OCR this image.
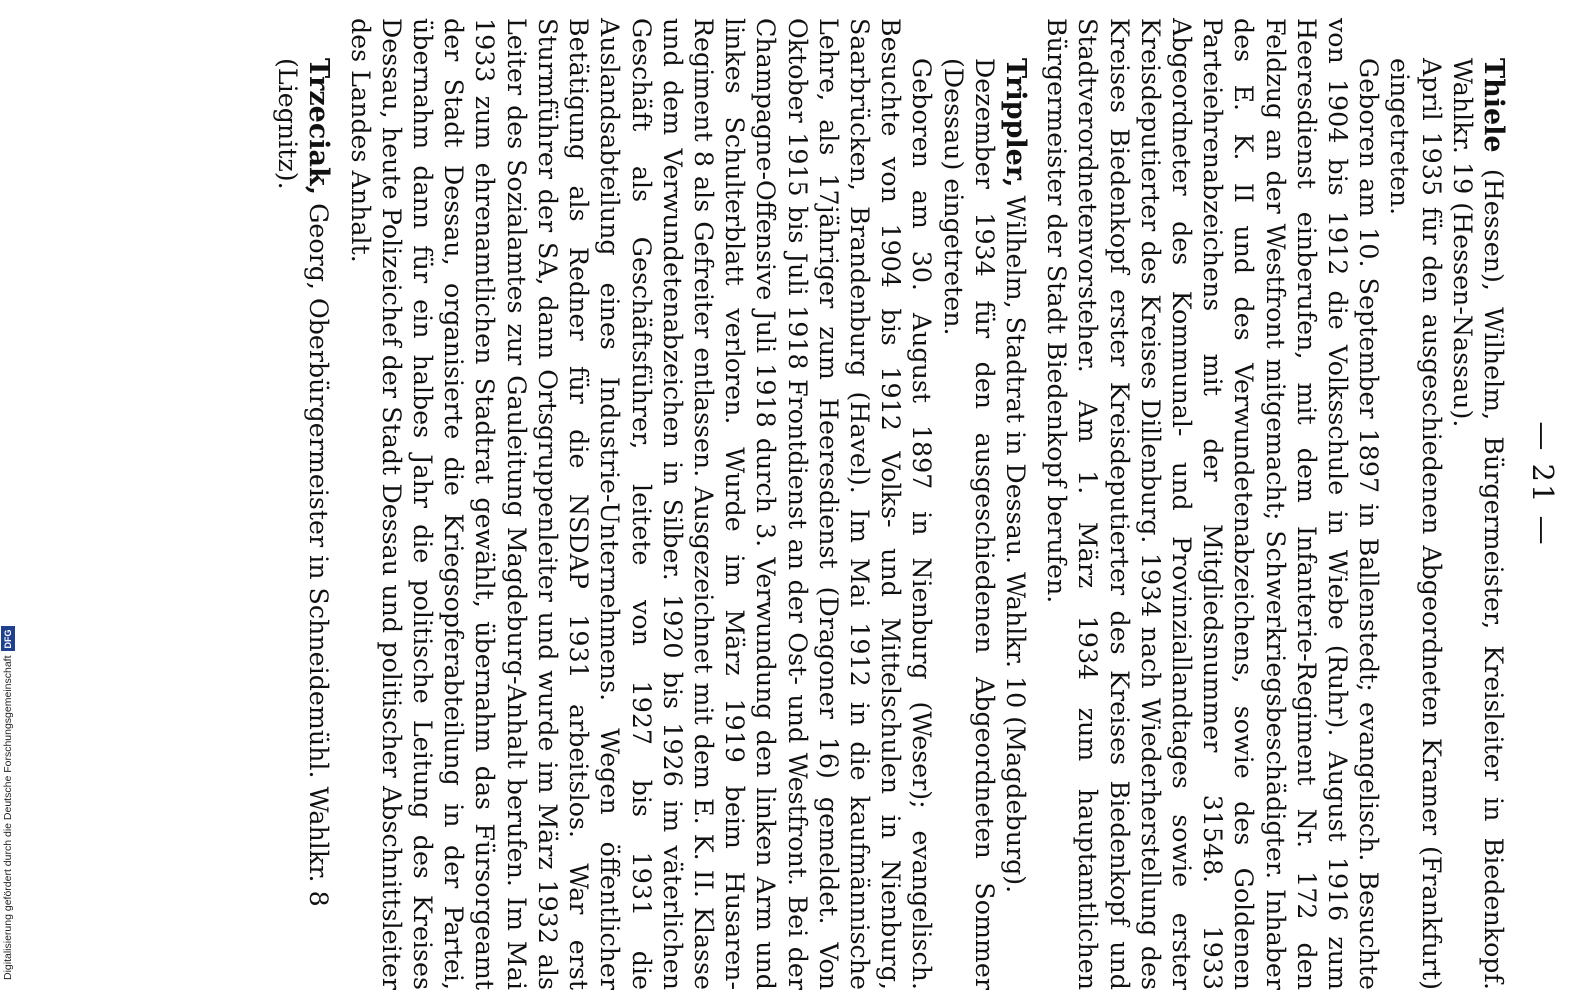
— 21 —

Thiele (Hessen), Wilhelm, Bürgermeister, Kreisleiter in Biedenkopf. Wahlkr. 19 (Hessen-Nassau).
April 1935 für den ausgeschiedenen Abgeordneten Kramer (Frankfurt) eingetreten.

Geboren am 10. September 1897 in Ballenstedt; evangelisch. Besuchte von 1904 bis 1912 die Volksschule in Wiebe (Ruhr). August 1916 zum Heeresdienst einberufen, mit dem Infanterie-Regiment Nr. 172 den Feldzug an der Westfront mitgemacht; Schwerkriegsbeschädigter. Inhaber des E. K. II und des Verwundetenabzeichens, sowie des Goldenen Parteiehrenabzeichens mit der Mitgliedsnummer 31548. 1933 Abgeordneter des Kommunal- und Provinziallandtages sowie erster Kreisdeputierter des Kreises Dillenburg. 1934 nach Wiederherstellung des Kreises Biedenkopf erster Kreisdeputierter des Kreises Biedenkopf und Stadtverordnetenvorsteher. Am 1. März 1934 zum hauptamtlichen Bürgermeister der Stadt Biedenkopf berufen.

Trippler, Wilhelm, Stadtrat in Dessau. Wahlkr. 10 (Magdeburg).
Dezember 1934 für den ausgeschiedenen Abgeordneten Sommer (Dessau) eingetreten.

Geboren am 30. August 1897 in Nienburg (Weser); evangelisch. Besuchte von 1904 bis 1912 Volks- und Mittelschulen in Nienburg, Saarbrücken, Brandenburg (Havel). Im Mai 1912 in die kaufmännische Lehre, als 17jähriger zum Heeresdienst (Dragoner 16) gemeldet. Von Oktober 1915 bis Juli 1918 Frontdienst an der Ost- und Westfront. Bei der Champagne-Offensive Juli 1918 durch 3. Verwundung den linken Arm und linkes Schulterblatt verloren. Wurde im März 1919 beim Husaren-Regiment 8 als Gefreiter entlassen. Ausgezeichnet mit dem E. K. II. Klasse und dem Verwundetenabzeichen in Silber. 1920 bis 1926 im väterlichen Geschäft als Geschäftsführer, leitete von 1927 bis 1931 die Auslandsabteilung eines Industrie-Unternehmens. Wegen öffentlicher Betätigung als Redner für die NSDAP 1931 arbeitslos. War erst Sturmführer der SA, dann Ortsgruppenleiter und wurde im März 1932 als Leiter des Sozialamtes zur Gauleitung Magdeburg-Anhalt berufen. Im Mai 1933 zum ehrenamtlichen Stadtrat gewählt, übernahm das Fürsorgeamt der Stadt Dessau, organisierte die Kriegsopferabteilung in der Partei, übernahm dann für ein halbes Jahr die politische Leitung des Kreises Dessau, heute Polizeichef der Stadt Dessau und politischer Abschnittsleiter des Landes Anhalt.

Trzeciak, Georg, Oberbürgermeister in Schneidemühl. Wahlkr. 8
(Liegnitz).

Digitalisierung gefördert durch die Deutsche Forschungsgemeinschaft
DFG
